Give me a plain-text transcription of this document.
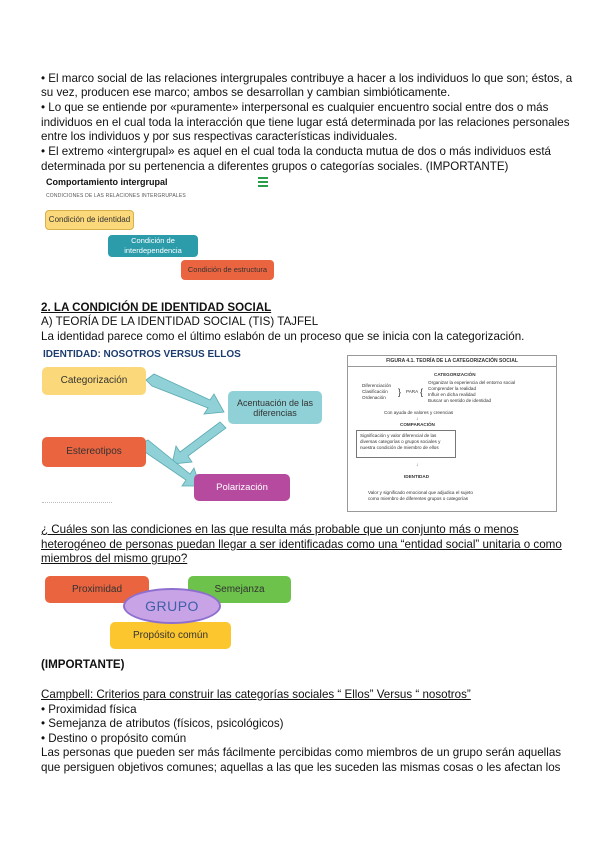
• El marco social de las relaciones intergrupales contribuye a hacer a los individuos lo que son; éstos, a
su vez, producen ese marco; ambos se desarrollan y cambian simbióticamente.
• Lo que se entiende por «puramente» interpersonal es cualquier encuentro social entre dos o más
individuos en el cual toda la interacción que tiene lugar está determinada por las relaciones personales
entre los individuos y por sus respectivas características individuales.
• El extremo «intergrupal» es aquel en el cual toda la conducta mutua de dos o más individuos está
determinada por su pertenencia a diferentes grupos o categorías sociales. (IMPORTANTE)
Comportamiento intergrupal
CONDICIONES DE LAS RELACIONES INTERGRUPALES
Condición de identidad
Condición de interdependencia
Condición de estructura
2. LA CONDICIÓN DE IDENTIDAD SOCIAL
A) TEORÍA DE LA IDENTIDAD SOCIAL (TIS) TAJFEL
La identidad parece como el último eslabón de un proceso que se inicia con la categorización.
IDENTIDAD: NOSOTROS VERSUS ELLOS
Categorización
Acentuación de las diferencias
Estereotipos
Polarización
FIGURA 4.1. TEORÍA DE LA CATEGORIZACIÓN SOCIAL
CATEGORIZACIÓN
Diferenciación
Clasificación
Ordenación
} PARA {
Organizar la experiencia del entorno social
Comprender la realidad
Influir en dicha realidad
Buscar un sentido de identidad
Con ayuda de valores y creencias
↓
COMPARACIÓN
Significación y valor diferencial de las
diversas categorías o grupos sociales y
nuestra condición de miembro de ellos
↓
IDENTIDAD
Valor y significado emocional que adjudica el sujeto
como miembro de diferentes grupos o categorías
¿ Cuáles son las condiciones en las que resulta más probable que un conjunto más o menos
heterogéneo de personas puedan llegar a ser identificadas como una “entidad social” unitaria o como
miembros del mismo grupo?
Proximidad	Semejanza
Propósito común
GRUPO
(IMPORTANTE)
Campbell: Criterios para construir las categorías sociales “ Ellos” Versus “ nosotros”
• Proximidad física
• Semejanza de atributos (físicos, psicológicos)
• Destino o propósito común
Las personas que pueden ser más fácilmente percibidas como miembros de un grupo serán aquellas
que persiguen objetivos comunes; aquellas a las que les suceden las mismas cosas o les afectan los
